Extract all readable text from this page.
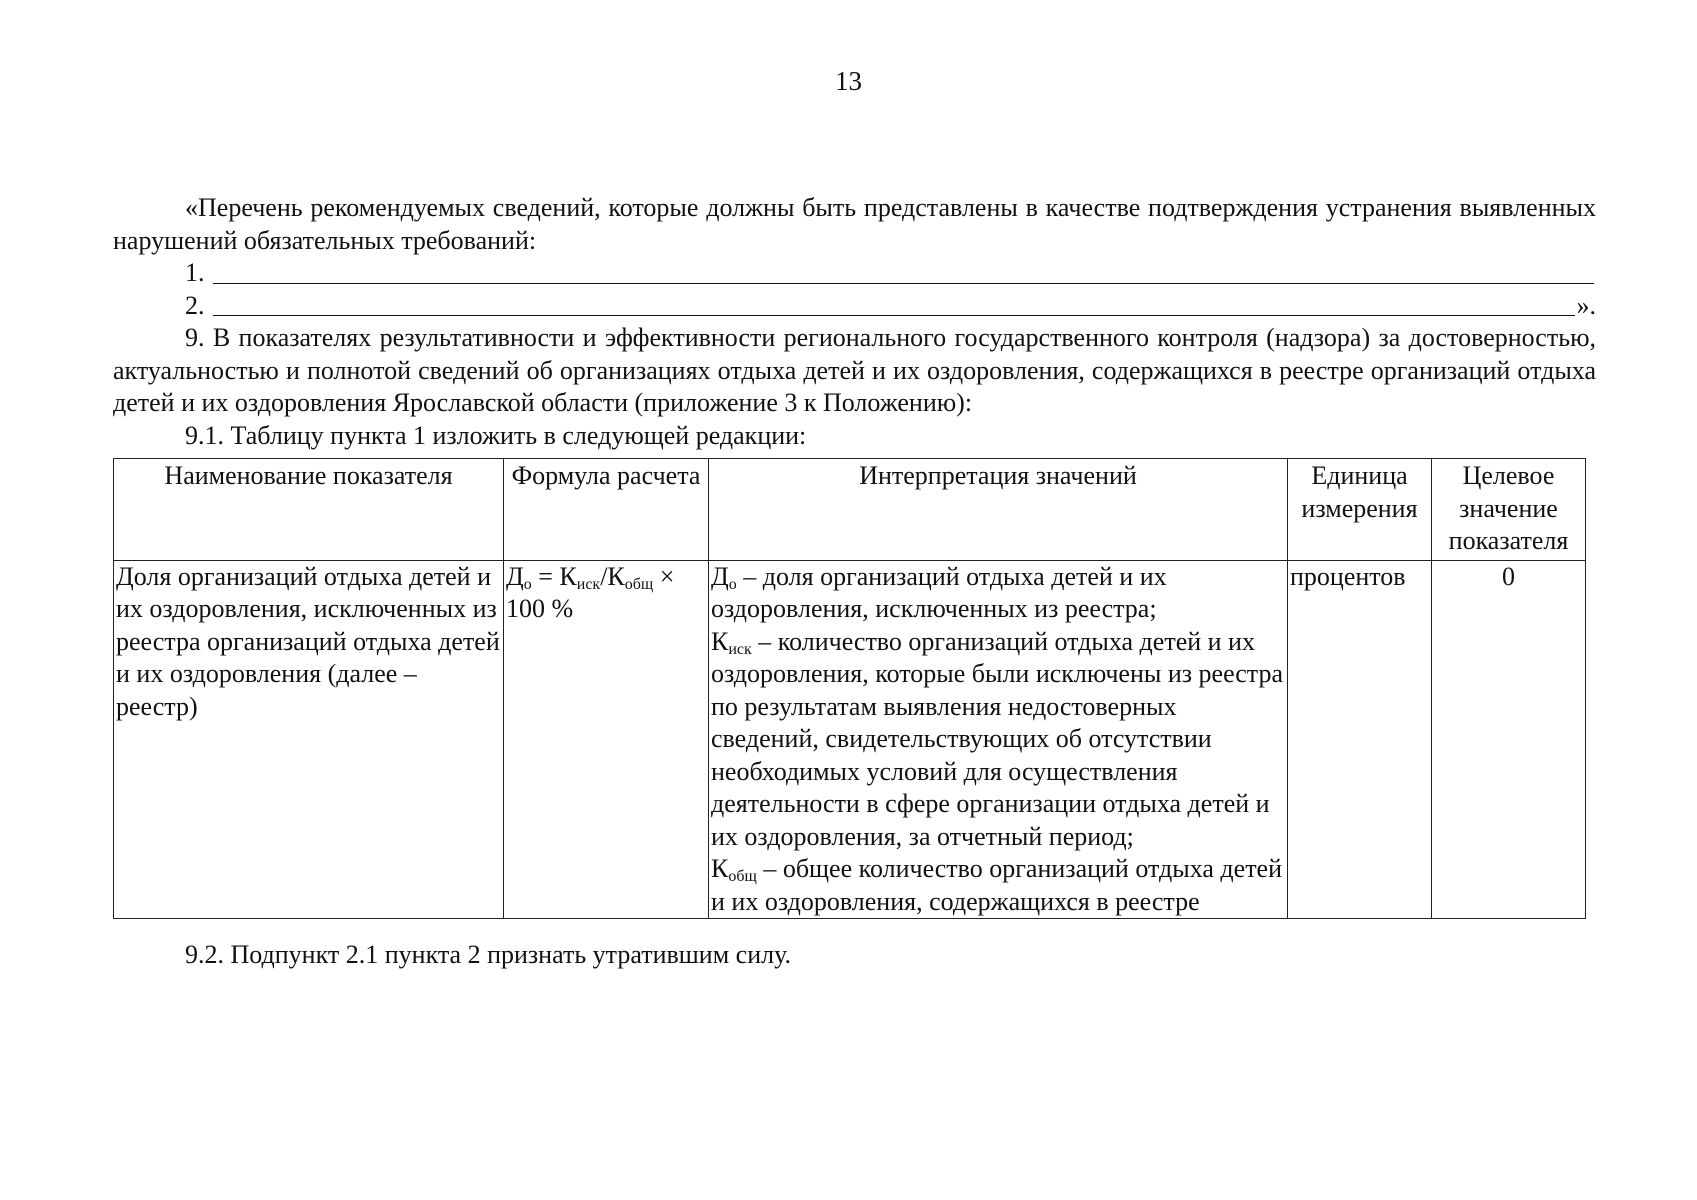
13

«Перечень рекомендуемых сведений, которые должны быть представлены в качестве подтверждения устранения выявленных нарушений обязательных требований:

1.
2.	».

9. В показателях результативности и эффективности регионального государственного контроля (надзора) за достоверностью, актуальностью и полнотой сведений об организациях отдыха детей и их оздоровления, содержащихся в реестре организаций отдыха детей и их оздоровления Ярославской области (приложение 3 к Положению):

9.1. Таблицу пункта 1 изложить в следующей редакции:

Наименование показателя	Формула расчета	Интерпретация значений	Единица измерения	Целевое значение показателя
Доля организаций отдыха детей и их оздоровления, исключенных из реестра организаций отдыха детей и их оздоровления (далее – реестр)	$Д_о = К_{иск}/К_{общ} \times 100$ %	$Д_о$ – доля организаций отдыха детей и их оздоровления, исключенных из реестра;
$К_{иск}$ – количество организаций отдыха детей и их оздоровления, которые были исключены из реестра по результатам выявления недостоверных сведений, свидетельствующих об отсутствии необходимых условий для осуществления деятельности в сфере организации отдыха детей и их оздоровления, за отчетный период;
$К_{общ}$ – общее количество организаций отдыха детей и их оздоровления, содержащихся в реестре	процентов	0

9.2. Подпункт 2.1 пункта 2 признать утратившим силу.
